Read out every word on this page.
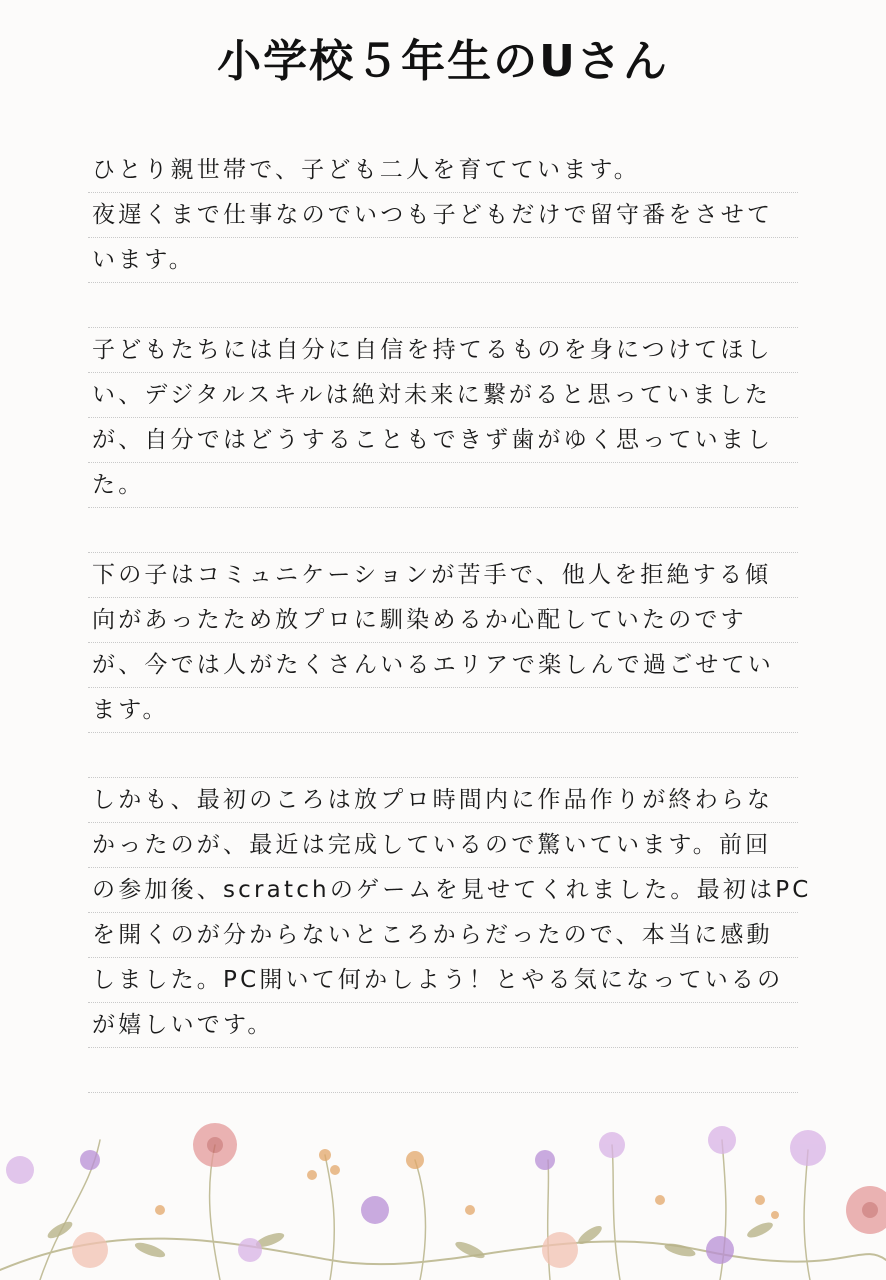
小学校５年生のUさん
ひとり親世帯で、子ども二人を育てています。
夜遅くまで仕事なのでいつも子どもだけで留守番をさせて
います。
子どもたちには自分に自信を持てるものを身につけてほし
い、デジタルスキルは絶対未来に繋がると思っていました
が、自分ではどうすることもできず歯がゆく思っていまし
た。
下の子はコミュニケーションが苦手で、他人を拒絶する傾
向があったため放プロに馴染めるか心配していたのです
が、今では人がたくさんいるエリアで楽しんで過ごせてい
ます。
しかも、最初のころは放プロ時間内に作品作りが終わらな
かったのが、最近は完成しているので驚いています。前回
の参加後、scratchのゲームを見せてくれました。最初はPC
を開くのが分からないところからだったので、本当に感動
しました。PC開いて何かしよう！とやる気になっているの
が嬉しいです。
